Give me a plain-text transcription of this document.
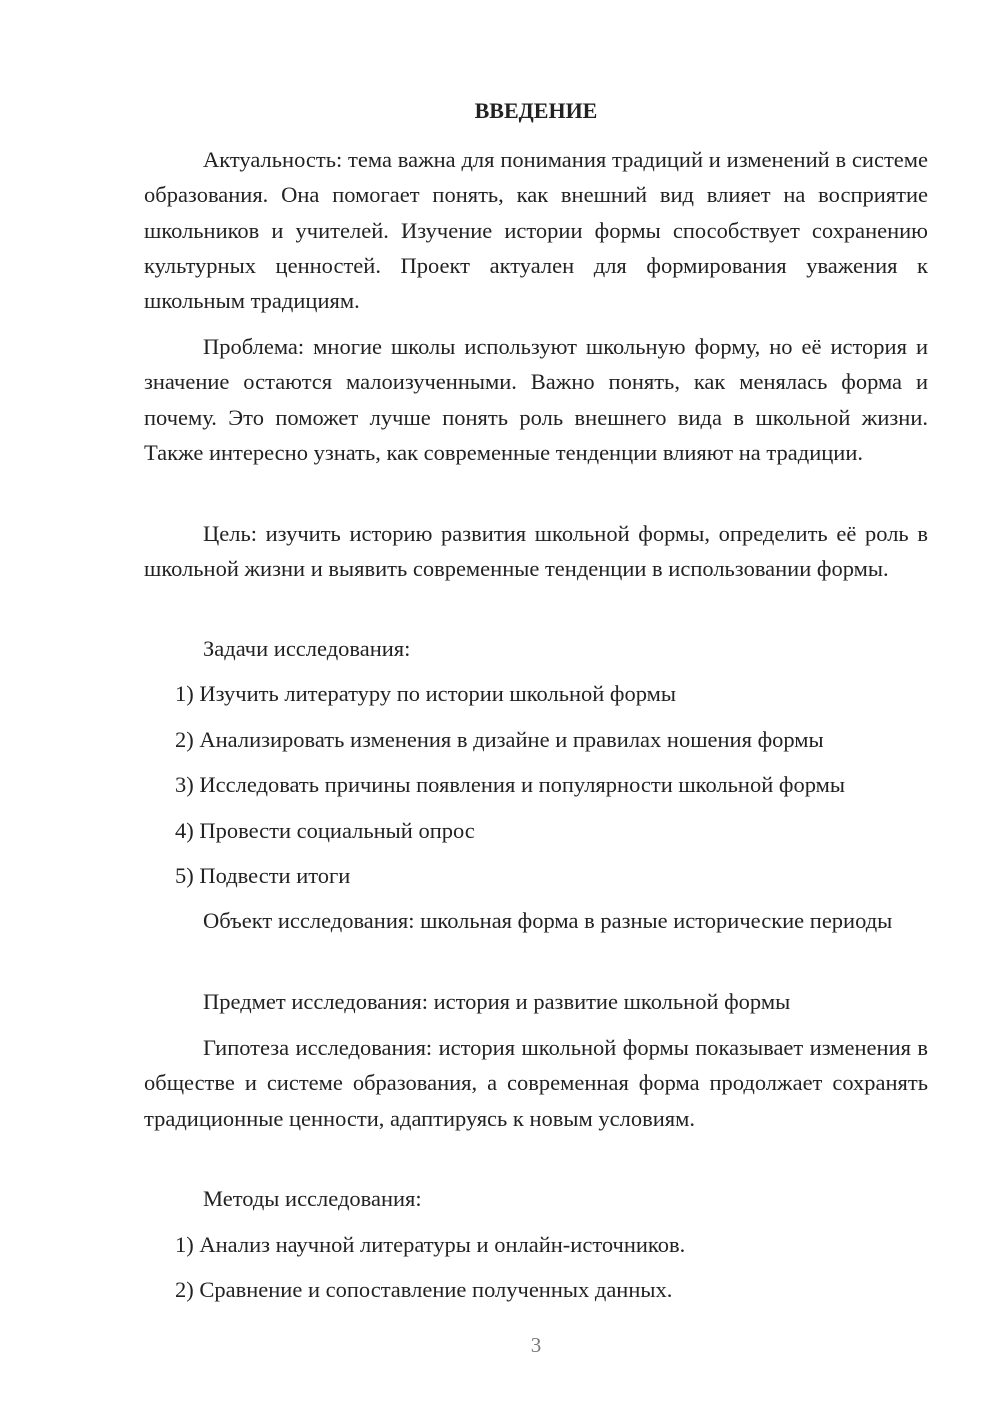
ВВЕДЕНИЕ

Актуальность: тема важна для понимания традиций и изменений в системе образования. Она помогает понять, как внешний вид влияет на восприятие школьников и учителей. Изучение истории формы способствует сохранению культурных ценностей. Проект актуален для формирования уважения к школьным традициям.

Проблема: многие школы используют школьную форму, но её история и значение остаются малоизученными. Важно понять, как менялась форма и почему. Это поможет лучше понять роль внешнего вида в школьной жизни. Также интересно узнать, как современные тенденции влияют на традиции.

Цель: изучить историю развития школьной формы, определить её роль в школьной жизни и выявить современные тенденции в использовании формы.

Задачи исследования:

1) Изучить литературу по истории школьной формы

2) Анализировать изменения в дизайне и правилах ношения формы

3) Исследовать причины появления и популярности школьной формы

4) Провести социальный опрос

5) Подвести итоги

Объект исследования: школьная форма в разные исторические периоды

Предмет исследования: история и развитие школьной формы

Гипотеза исследования: история школьной формы показывает изменения в обществе и системе образования, а современная форма продолжает сохранять традиционные ценности, адаптируясь к новым условиям.

Методы исследования:

1) Анализ научной литературы и онлайн-источников.

2) Сравнение и сопоставление полученных данных.

3
